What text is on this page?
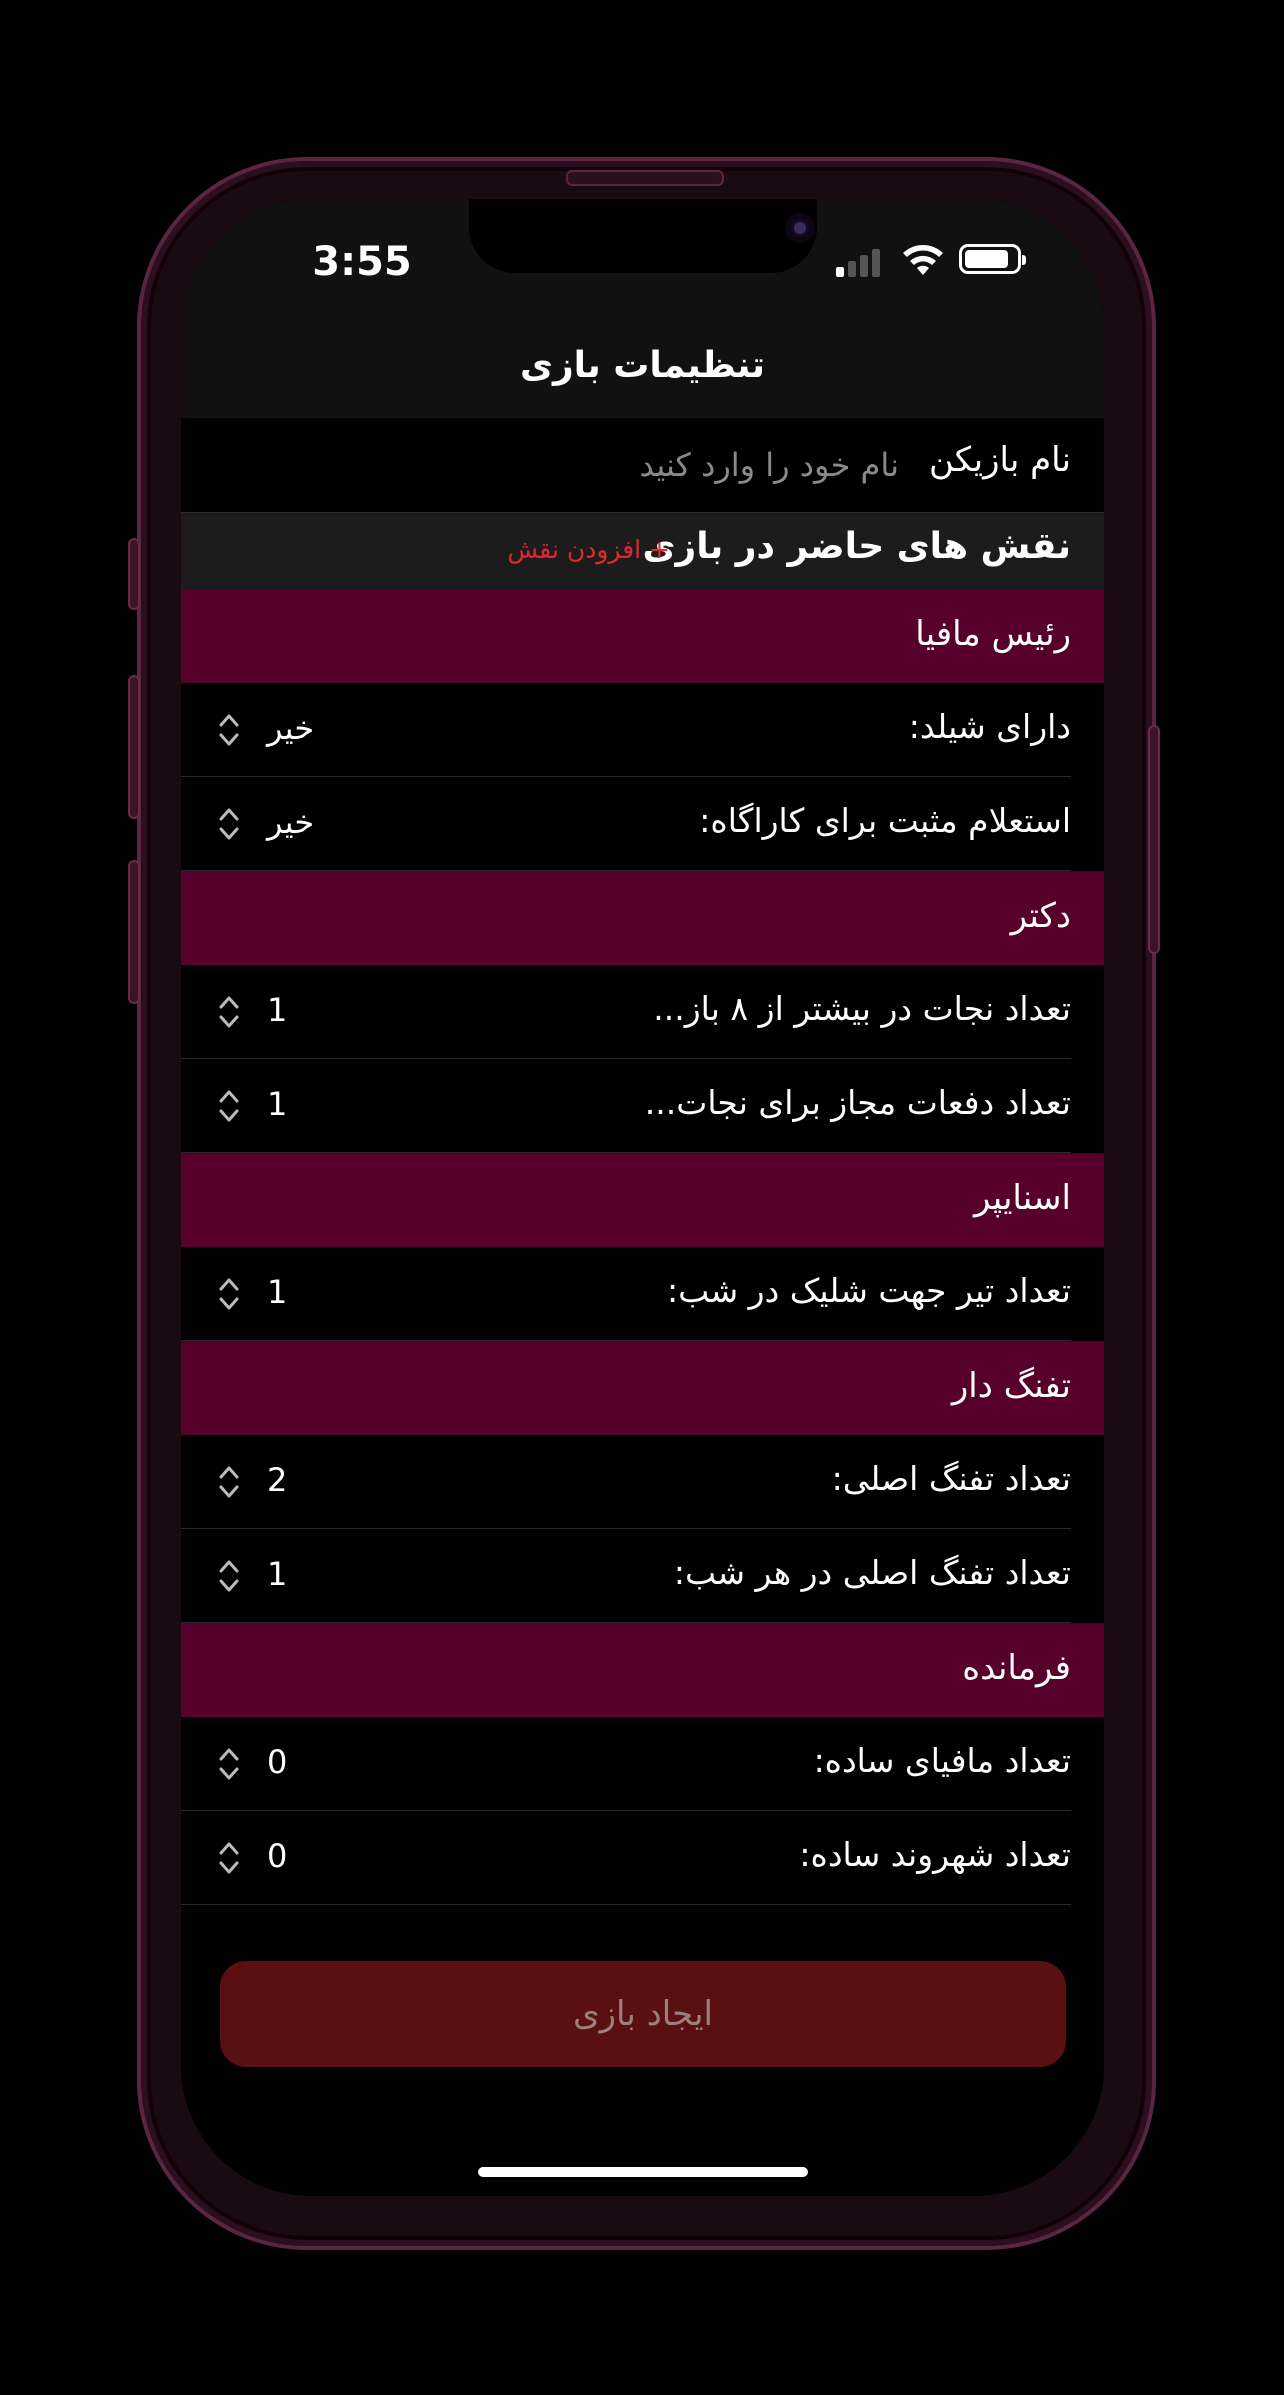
3:55
تنظیمات بازی
نام بازیکن
نام خود را وارد کنید
نقش های حاضر در بازی
+ افزودن نقش
رئیس مافیا
دارای شیلد:
خیر
استعلام مثبت برای کاراگاه:
خیر
دکتر
تعداد نجات در بیشتر از ۸ باز...
1
تعداد دفعات مجاز برای نجات...
1
اسنایپر
تعداد تیر جهت شلیک در شب:
1
تفنگ دار
تعداد تفنگ اصلی:
2
تعداد تفنگ اصلی در هر شب:
1
فرمانده
تعداد مافیای ساده:
0
تعداد شهروند ساده:
0
ایجاد بازی
